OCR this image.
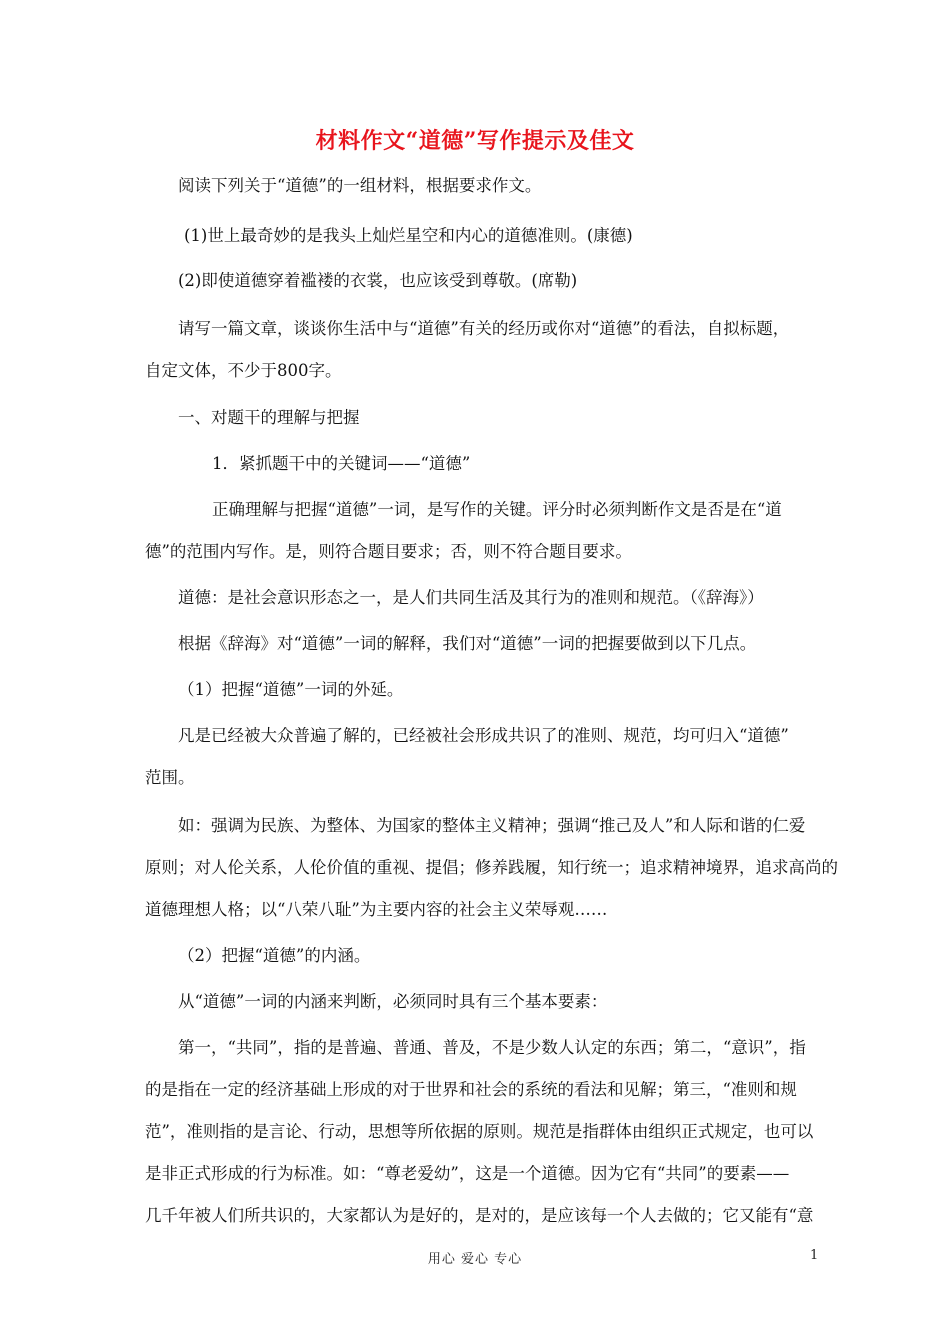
材料作文“道德”写作提示及佳文
阅读下列关于“道德”的一组材料，根据要求作文。
(1)世上最奇妙的是我头上灿烂星空和内心的道德准则。(康德)
(2)即使道德穿着褴褛的衣裳，也应该受到尊敬。(席勒)
请写一篇文章，谈谈你生活中与“道德”有关的经历或你对“道德”的看法，自拟标题，
自定文体，不少于800字。
一、对题干的理解与把握
1．紧抓题干中的关键词——“道德”
正确理解与把握“道德”一词，是写作的关键。评分时必须判断作文是否是在“道
德”的范围内写作。是，则符合题目要求；否，则不符合题目要求。
道德：是社会意识形态之一，是人们共同生活及其行为的准则和规范。（《辞海》）
根据《辞海》对“道德”一词的解释，我们对“道德”一词的把握要做到以下几点。
（1）把握“道德”一词的外延。
凡是已经被大众普遍了解的，已经被社会形成共识了的准则、规范，均可归入“道德”
范围。
如：强调为民族、为整体、为国家的整体主义精神；强调“推己及人”和人际和谐的仁爱
原则；对人伦关系，人伦价值的重视、提倡；修养践履，知行统一；追求精神境界，追求高尚的
道德理想人格；以“八荣八耻”为主要内容的社会主义荣辱观……
（2）把握“道德”的内涵。
从“道德”一词的内涵来判断，必须同时具有三个基本要素：
第一，“共同”，指的是普遍、普通、普及，不是少数人认定的东西；第二，“意识”，指
的是指在一定的经济基础上形成的对于世界和社会的系统的看法和见解；第三，“准则和规
范”，准则指的是言论、行动，思想等所依据的原则。规范是指群体由组织正式规定，也可以
是非正式形成的行为标准。如：“尊老爱幼”，这是一个道德。因为它有“共同”的要素——
几千年被人们所共识的，大家都认为是好的，是对的，是应该每一个人去做的；它又能有“意
用心 爱心 专心	1
